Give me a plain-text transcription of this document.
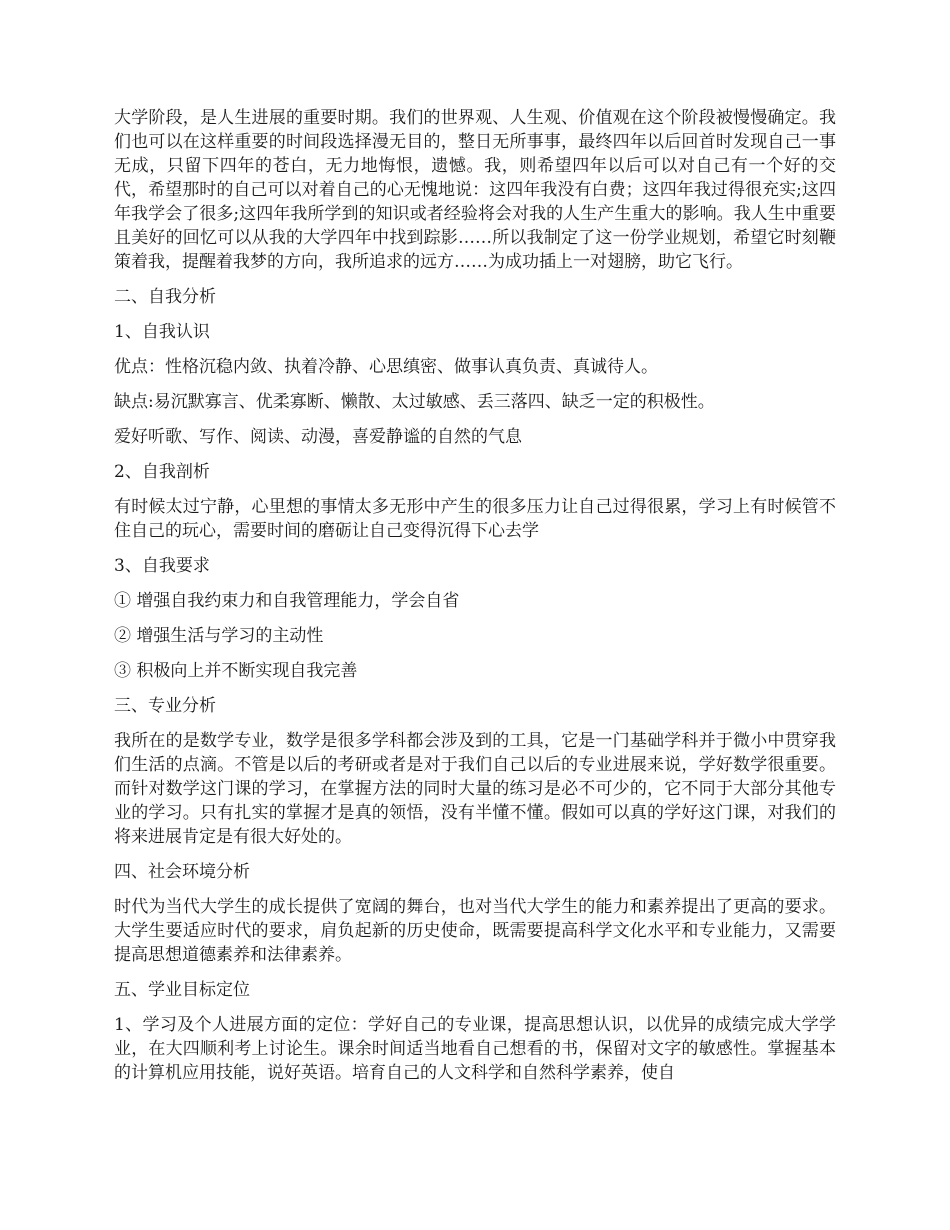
大学阶段，是人生进展的重要时期。我们的世界观、人生观、价值观在这个阶段被慢慢确定。我们也可以在这样重要的时间段选择漫无目的，整日无所事事，最终四年以后回首时发现自己一事无成，只留下四年的苍白，无力地悔恨，遗憾。我，则希望四年以后可以对自己有一个好的交代，希望那时的自己可以对着自己的心无愧地说：这四年我没有白费；这四年我过得很充实;这四年我学会了很多;这四年我所学到的知识或者经验将会对我的人生产生重大的影响。我人生中重要且美好的回忆可以从我的大学四年中找到踪影……所以我制定了这一份学业规划，希望它时刻鞭策着我，提醒着我梦的方向，我所追求的远方……为成功插上一对翅膀，助它飞行。

二、自我分析

1、自我认识

优点：性格沉稳内敛、执着冷静、心思缜密、做事认真负责、真诚待人。

缺点:易沉默寡言、优柔寡断、懒散、太过敏感、丢三落四、缺乏一定的积极性。

爱好听歌、写作、阅读、动漫，喜爱静谧的自然的气息

2、自我剖析

有时候太过宁静，心里想的事情太多无形中产生的很多压力让自己过得很累，学习上有时候管不住自己的玩心，需要时间的磨砺让自己变得沉得下心去学

3、自我要求

① 增强自我约束力和自我管理能力，学会自省

② 增强生活与学习的主动性

③ 积极向上并不断实现自我完善

三、专业分析

我所在的是数学专业，数学是很多学科都会涉及到的工具，它是一门基础学科并于微小中贯穿我们生活的点滴。不管是以后的考研或者是对于我们自己以后的专业进展来说，学好数学很重要。而针对数学这门课的学习，在掌握方法的同时大量的练习是必不可少的，它不同于大部分其他专业的学习。只有扎实的掌握才是真的领悟，没有半懂不懂。假如可以真的学好这门课，对我们的将来进展肯定是有很大好处的。

四、社会环境分析

时代为当代大学生的成长提供了宽阔的舞台，也对当代大学生的能力和素养提出了更高的要求。大学生要适应时代的要求，肩负起新的历史使命，既需要提高科学文化水平和专业能力，又需要提高思想道德素养和法律素养。

五、学业目标定位

1、学习及个人进展方面的定位：学好自己的专业课，提高思想认识，以优异的成绩完成大学学业，在大四顺利考上讨论生。课余时间适当地看自己想看的书，保留对文字的敏感性。掌握基本的计算机应用技能，说好英语。培育自己的人文科学和自然科学素养，使自
